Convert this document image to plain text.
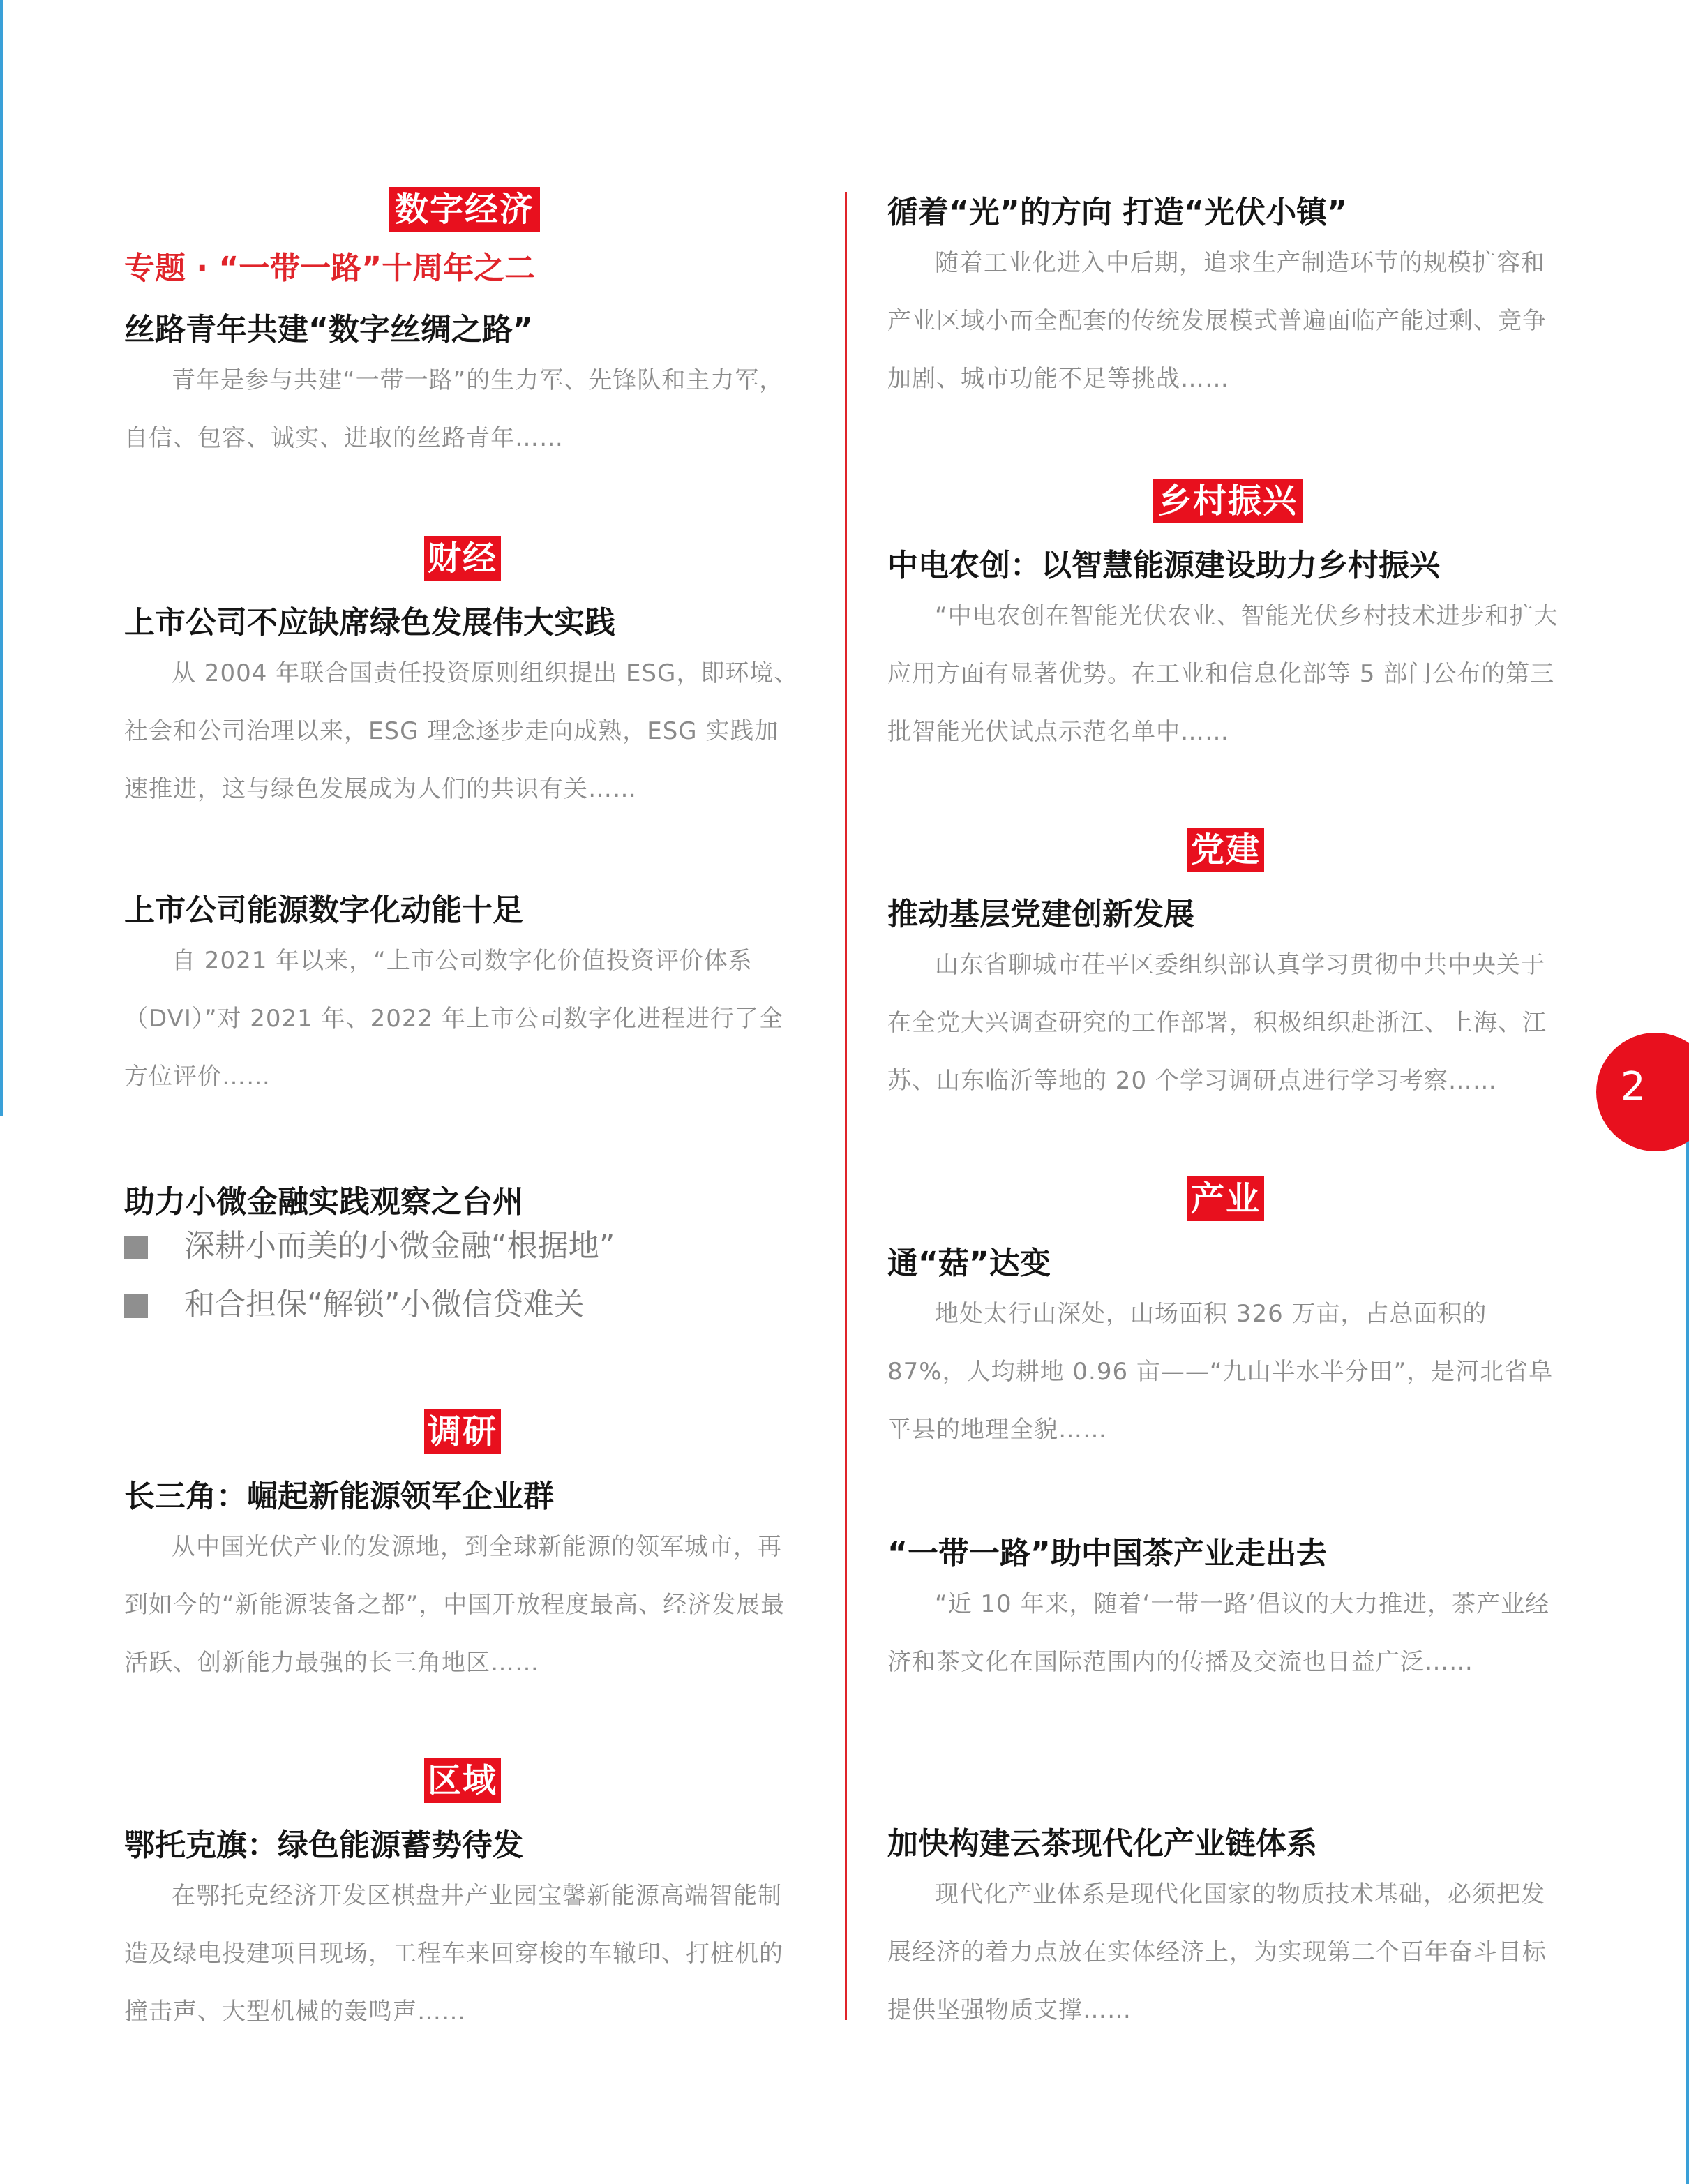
2
数字经济
专题 · “一带一路”十周年之二
丝路青年共建“数字丝绸之路”

青年是参与共建“一带一路”的生力军、先锋队和主力军，自信、包容、诚实、进取的丝路青年……

财经
上市公司不应缺席绿色发展伟大实践

从 2004 年联合国责任投资原则组织提出 ESG，即环境、社会和公司治理以来，ESG 理念逐步走向成熟，ESG 实践加速推进，这与绿色发展成为人们的共识有关……

上市公司能源数字化动能十足

自 2021 年以来，“上市公司数字化价值投资评价体系（DVI）”对 2021 年、2022 年上市公司数字化进程进行了全方位评价……

助力小微金融实践观察之台州
深耕小而美的小微金融“根据地”
和合担保“解锁”小微信贷难关
调研
长三角：崛起新能源领军企业群

从中国光伏产业的发源地，到全球新能源的领军城市，再到如今的“新能源装备之都”，中国开放程度最高、经济发展最活跃、创新能力最强的长三角地区……

区域
鄂托克旗：绿色能源蓄势待发

在鄂托克经济开发区棋盘井产业园宝馨新能源高端智能制造及绿电投建项目现场，工程车来回穿梭的车辙印、打桩机的撞击声、大型机械的轰鸣声……

循着“光”的方向 打造“光伏小镇”

随着工业化进入中后期，追求生产制造环节的规模扩容和产业区域小而全配套的传统发展模式普遍面临产能过剩、竞争加剧、城市功能不足等挑战……

乡村振兴
中电农创：以智慧能源建设助力乡村振兴

“中电农创在智能光伏农业、智能光伏乡村技术进步和扩大应用方面有显著优势。在工业和信息化部等 5 部门公布的第三批智能光伏试点示范名单中……

党建
推动基层党建创新发展

山东省聊城市茌平区委组织部认真学习贯彻中共中央关于在全党大兴调查研究的工作部署，积极组织赴浙江、上海、江苏、山东临沂等地的 20 个学习调研点进行学习考察……

产业
通“菇”达变

地处太行山深处，山场面积 326 万亩，占总面积的 87%，人均耕地 0.96 亩——“九山半水半分田”，是河北省阜平县的地理全貌……

“一带一路”助中国茶产业走出去

“近 10 年来，随着‘一带一路’倡议的大力推进，茶产业经济和茶文化在国际范围内的传播及交流也日益广泛……

加快构建云茶现代化产业链体系

现代化产业体系是现代化国家的物质技术基础，必须把发展经济的着力点放在实体经济上，为实现第二个百年奋斗目标提供坚强物质支撑……
